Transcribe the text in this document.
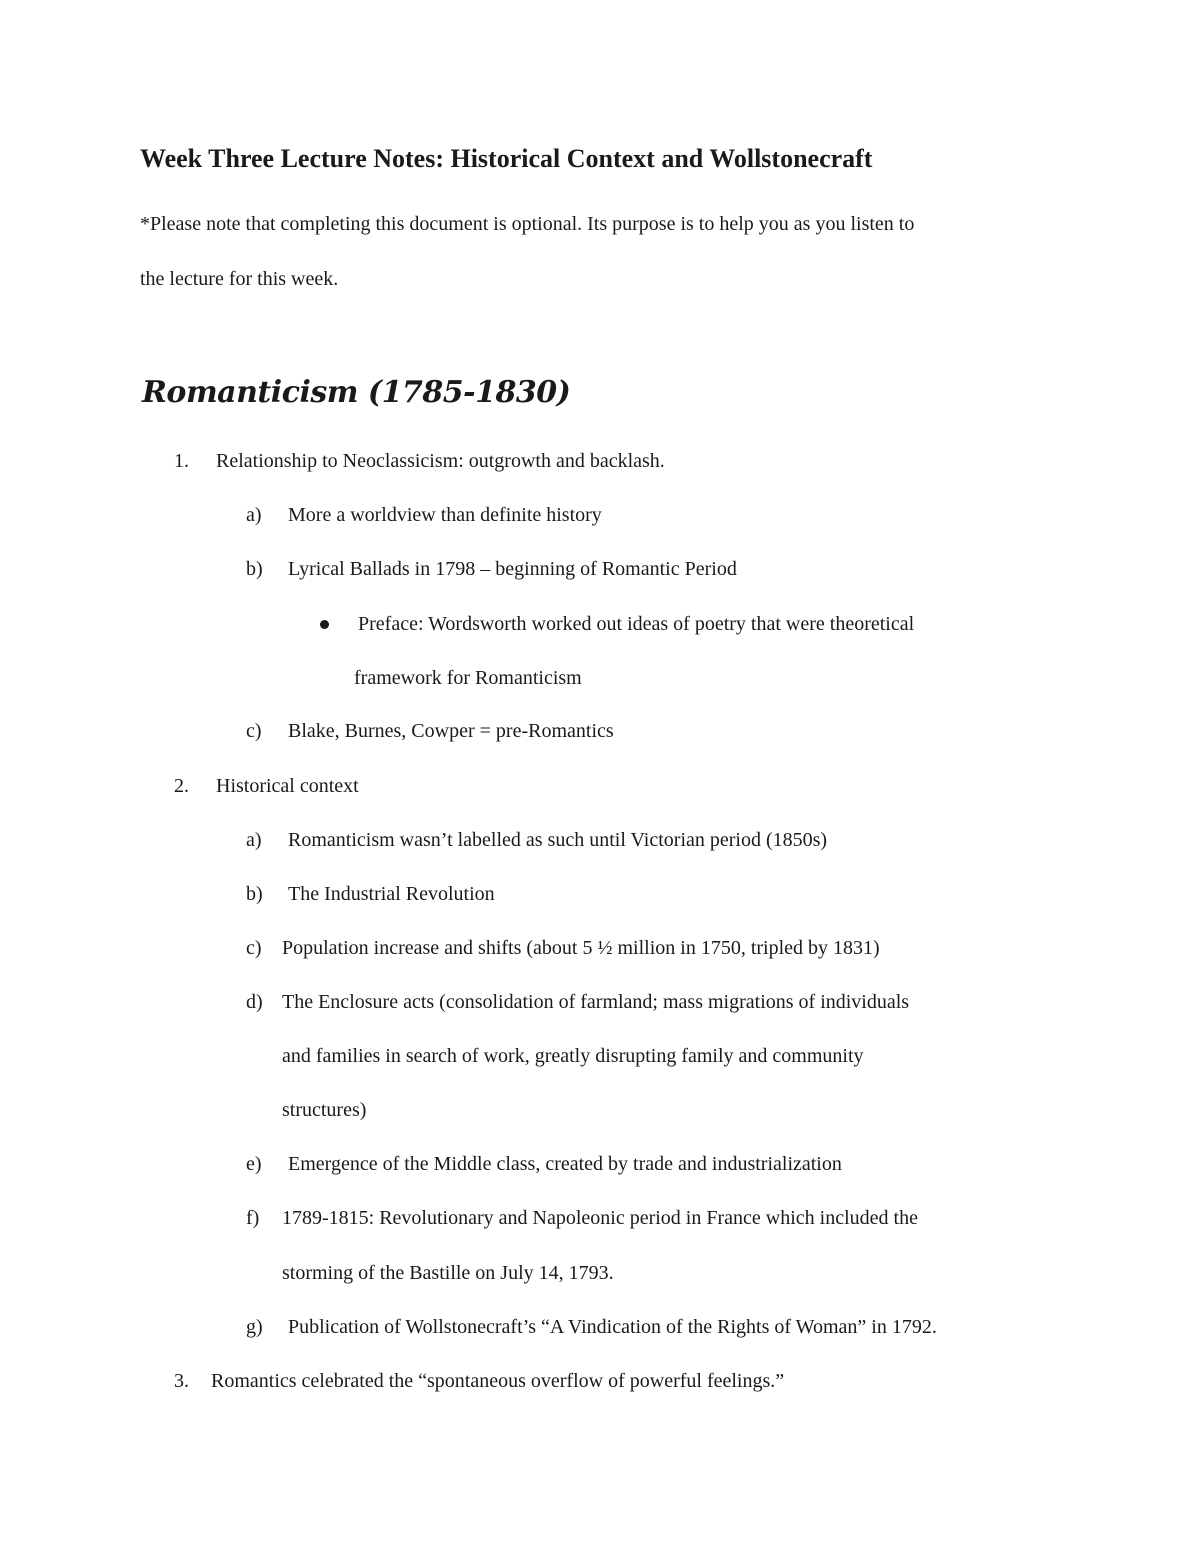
Week Three Lecture Notes: Historical Context and Wollstonecraft
*Please note that completing this document is optional. Its purpose is to help you as you listen to
the lecture for this week.
Romanticism (1785-1830)
1. Relationship to Neoclassicism: outgrowth and backlash.
a) More a worldview than definite history
b) Lyrical Ballads in 1798 – beginning of Romantic Period
Preface: Wordsworth worked out ideas of poetry that were theoretical
framework for Romanticism
c) Blake, Burnes, Cowper = pre-Romantics
2. Historical context
a) Romanticism wasn’t labelled as such until Victorian period (1850s)
b) The Industrial Revolution
c) Population increase and shifts (about 5 ½ million in 1750, tripled by 1831)
d) The Enclosure acts (consolidation of farmland; mass migrations of individuals
and families in search of work, greatly disrupting family and community
structures)
e) Emergence of the Middle class, created by trade and industrialization
f) 1789-1815: Revolutionary and Napoleonic period in France which included the
storming of the Bastille on July 14, 1793.
g) Publication of Wollstonecraft’s “A Vindication of the Rights of Woman” in 1792.
3. Romantics celebrated the “spontaneous overflow of powerful feelings.”
